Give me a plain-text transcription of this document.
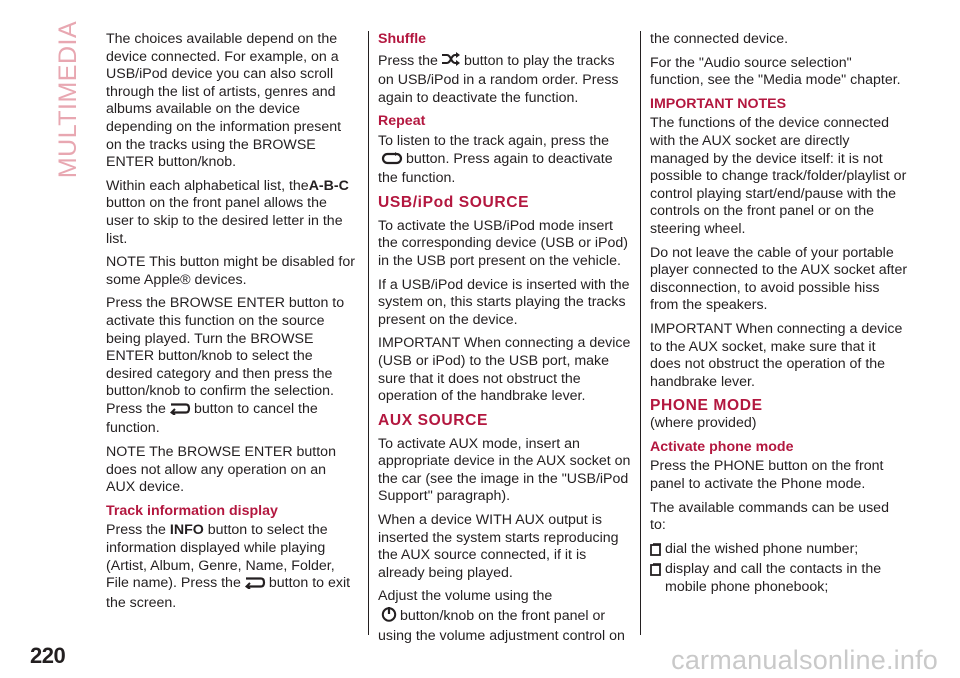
MULTIMEDIA The choices available depend on the device connected. For example, on a USB/iPod device you can also scroll through the list of artists, genres and albums available on the device depending on the information present on the tracks using the BROWSE ENTER button/knob.

Within each alphabetical list, theA-B-C button on the front panel allows the user to skip to the desired letter in the list.

NOTE This button might be disabled for some Apple® devices.

Press the BROWSE ENTER button to activate this function on the source being played. Turn the BROWSE ENTER button/knob to select the desired category and then press the button/knob to confirm the selection. Press the button to cancel the function.

NOTE The BROWSE ENTER button does not allow any operation on an AUX device.

Track information display

Press the INFO button to select the information displayed while playing (Artist, Album, Genre, Name, Folder, File name). Press the button to exit the screen.

Shuffle

Press the button to play the tracks on USB/iPod in a random order. Press again to deactivate the function.

Repeat

To listen to the track again, press the
button. Press again to deactivate the function.

USB/iPod SOURCE

To activate the USB/iPod mode insert the corresponding device (USB or iPod) in the USB port present on the vehicle.

If a USB/iPod device is inserted with the system on, this starts playing the tracks present on the device.

IMPORTANT When connecting a device (USB or iPod) to the USB port, make sure that it does not obstruct the operation of the handbrake lever.

AUX SOURCE

To activate AUX mode, insert an appropriate device in the AUX socket on the car (see the image in the "USB/iPod Support" paragraph).

When a device WITH AUX output is inserted the system starts reproducing the AUX source connected, if it is already being played.

Adjust the volume using the
button/knob on the front panel or using the volume adjustment control on

the connected device.

For the "Audio source selection" function, see the "Media mode" chapter.

IMPORTANT NOTES

The functions of the device connected with the AUX socket are directly managed by the device itself: it is not possible to change track/folder/playlist or control playing start/end/pause with the controls on the front panel or on the steering wheel.

Do not leave the cable of your portable player connected to the AUX socket after disconnection, to avoid possible hiss from the speakers.

IMPORTANT When connecting a device to the AUX socket, make sure that it does not obstruct the operation of the handbrake lever.

PHONE MODE

(where provided)

Activate phone mode

Press the PHONE button on the front panel to activate the Phone mode.

The available commands can be used to:

dial the wished phone number;
display and call the contacts in the mobile phone phonebook;
220	carmanualsonline.info
